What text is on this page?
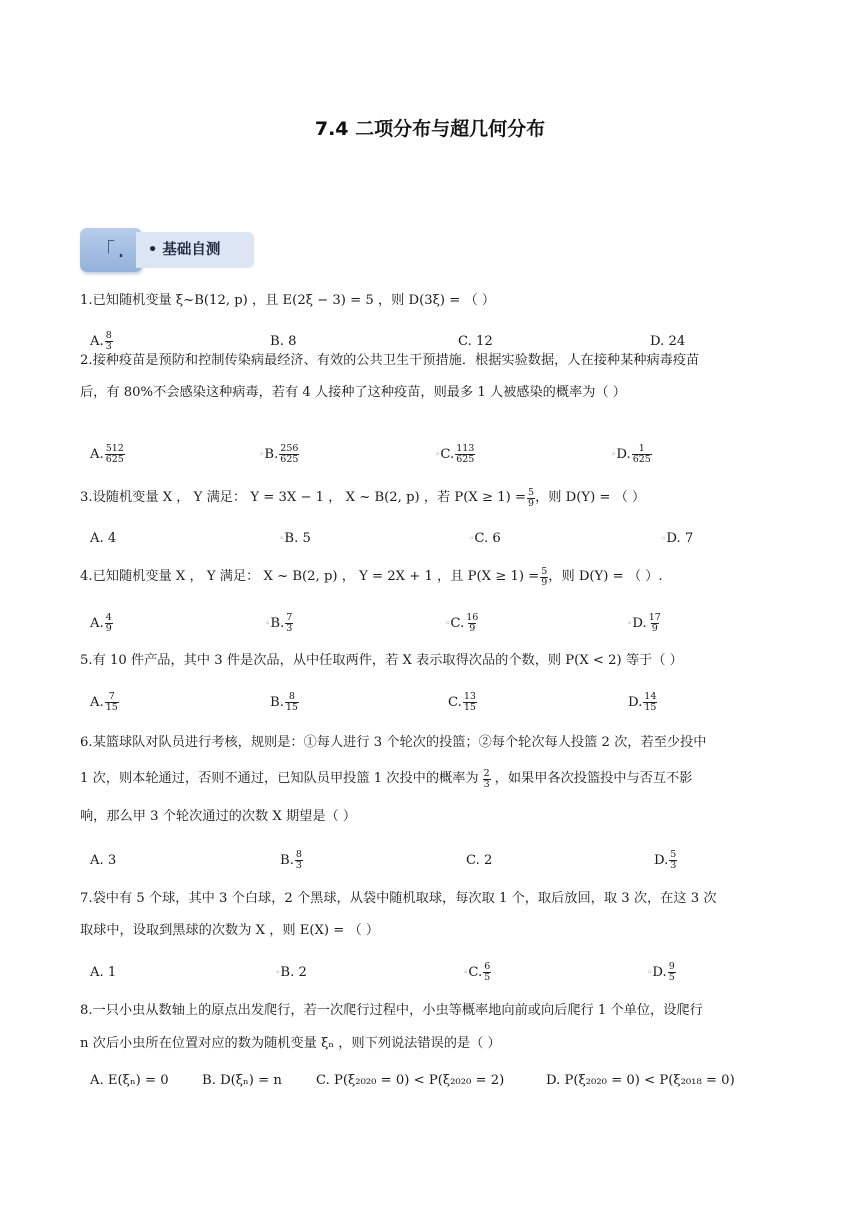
7.4 二项分布与超几何分布
「.	• 基础自测
1.已知随机变量 ξ~B(12, p) ，且 E(2ξ − 3) = 5 ，则 D(3ξ) = （ ）
A. $\frac{8}{3}$	B. 8	C. 12	D. 24
2.接种疫苗是预防和控制传染病最经济、有效的公共卫生干预措施．根据实验数据，人在接种某种病毒疫苗
后，有 80%不会感染这种病毒，若有 4 人接种了这种疫苗，则最多 1 人被感染的概率为（ ）
A. $\frac{512}{625}$	▫ B. $\frac{256}{625}$	▫ C. $\frac{113}{625}$	▫ D. $\frac{1}{625}$
3.设随机变量 X ， Y 满足： Y = 3X − 1 ， X ~ B(2, p) ，若 $P(X \ge 1) = \frac{5}{9}$ ，则 D(Y) = （ ）
A. 4	▫ B. 5	▫ C. 6	▫ D. 7
4.已知随机变量 X ， Y 满足： X ~ B(2, p) ， Y = 2X + 1 ，且 $P(X \ge 1) = \frac{5}{9}$ ，则 D(Y) = （ ）.
A. $\frac{4}{9}$	▫ B. $\frac{7}{3}$	▫ C. $\frac{16}{9}$	▫ D. $\frac{17}{9}$
5.有 10 件产品，其中 3 件是次品，从中任取两件，若 X 表示取得次品的个数，则 P(X < 2) 等于（ ）
A. $\frac{7}{15}$	B. $\frac{8}{15}$	C. $\frac{13}{15}$	D. $\frac{14}{15}$
6.某篮球队对队员进行考核，规则是：①每人进行 3 个轮次的投篮；②每个轮次每人投篮 2 次，若至少投中
1 次，则本轮通过，否则不通过，已知队员甲投篮 1 次投中的概率为 $\frac{2}{3}$ ，如果甲各次投篮投中与否互不影
响，那么甲 3 个轮次通过的次数 X 期望是（ ）
A. 3	B. $\frac{8}{3}$	C. 2	D. $\frac{5}{3}$
7.袋中有 5 个球，其中 3 个白球，2 个黑球，从袋中随机取球，每次取 1 个，取后放回，取 3 次，在这 3 次
取球中，设取到黑球的次数为 X ，则 E(X) = （ ）
A. 1	▫ B. 2	▫ C. $\frac{6}{5}$	▫ D. $\frac{9}{5}$
8.一只小虫从数轴上的原点出发爬行，若一次爬行过程中，小虫等概率地向前或向后爬行 1 个单位，设爬行
n 次后小虫所在位置对应的数为随机变量 ξₙ ，则下列说法错误的是（ ）
A. E(ξₙ) = 0	B. D(ξₙ) = n	C. P(ξ₂₀₂₀ = 0) < P(ξ₂₀₂₀ = 2)	D. P(ξ₂₀₂₀ = 0) < P(ξ₂₀₁₈ = 0)
